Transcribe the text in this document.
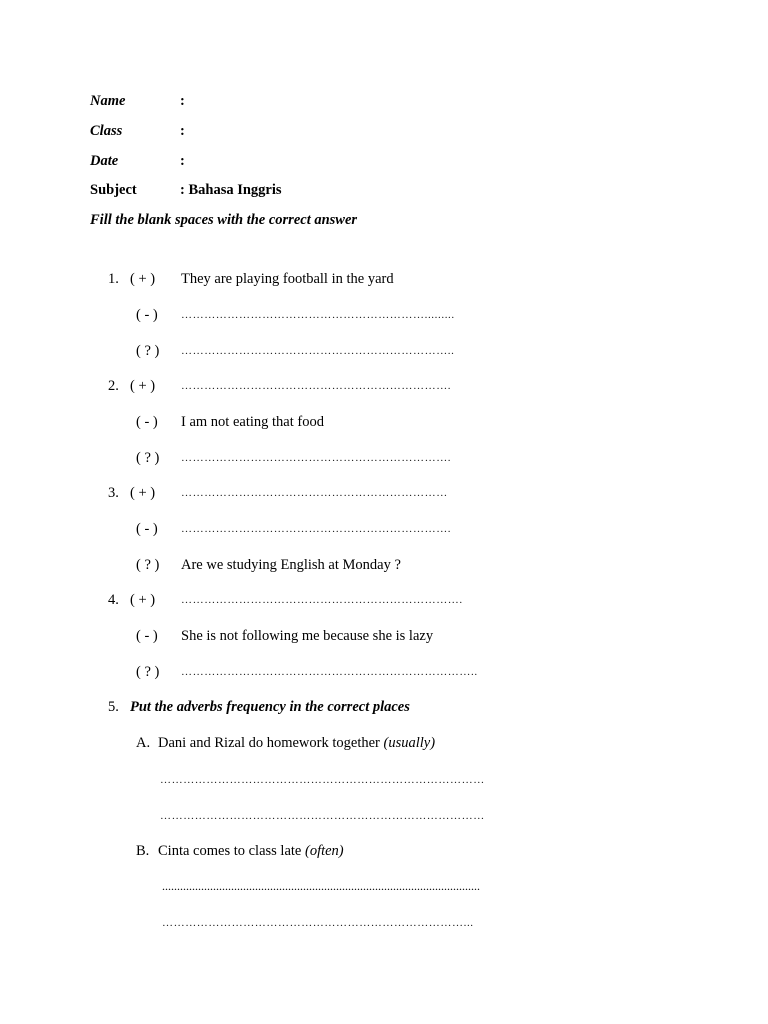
Name	:
Class	:
Date	:
Subject	: Bahasa Inggris
Fill the blank spaces with the correct answer
1. ( + ) They are playing football in the yard
( - ) ……………………………………………………….........
( ? ) ……………………………………………………………..
2. ( + ) …………………………………………………………….
( - ) I am not eating that food
( ? ) …………………………………………………………….
3. ( + ) ……………………………………………………………
( - ) …………………………………………………………….
( ? ) Are we studying English at Monday ?
4. ( + ) ……………………………………………………………….
( - ) She is not following me because she is lazy
( ? ) …………………………………………………………………..
5. Put the adverbs frequency in the correct places
A. Dani and Rizal do homework together (usually)
…………………………………………………………………………
…………………………………………………………………………
B. Cinta comes to class late (often)
..........................................................................................................
……………………………………………………………………...
